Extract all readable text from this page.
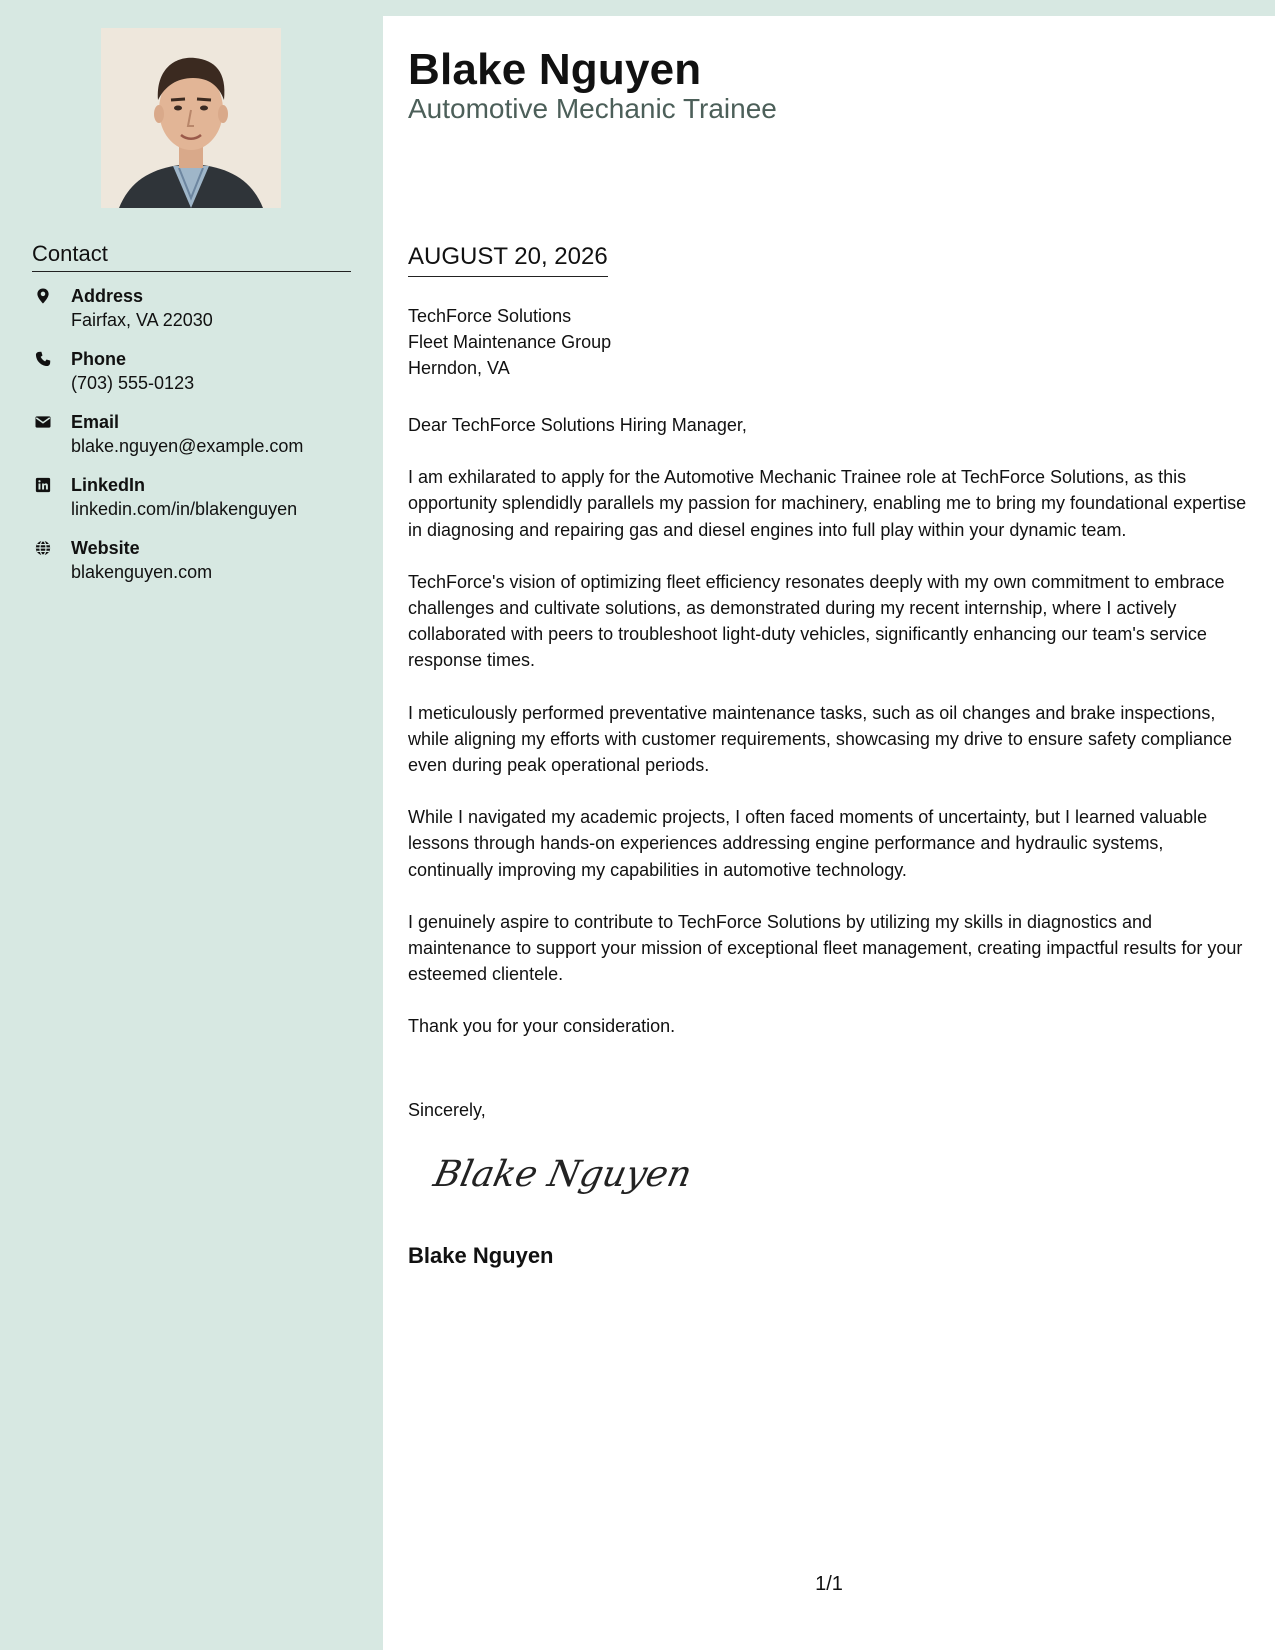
Contact
Address
Fairfax, VA 22030
Phone
(703) 555-0123
Email
blake.nguyen@example.com
LinkedIn
linkedin.com/in/blakenguyen
Website
blakenguyen.com
Blake Nguyen
Automotive Mechanic Trainee
AUGUST 20, 2026
TechForce Solutions
Fleet Maintenance Group
Herndon, VA

Dear TechForce Solutions Hiring Manager,

I am exhilarated to apply for the Automotive Mechanic Trainee role at TechForce Solutions, as this opportunity splendidly parallels my passion for machinery, enabling me to bring my foundational expertise in diagnosing and repairing gas and diesel engines into full play within your dynamic team.

TechForce's vision of optimizing fleet efficiency resonates deeply with my own commitment to embrace challenges and cultivate solutions, as demonstrated during my recent internship, where I actively collaborated with peers to troubleshoot light-duty vehicles, significantly enhancing our team's service response times.

I meticulously performed preventative maintenance tasks, such as oil changes and brake inspections, while aligning my efforts with customer requirements, showcasing my drive to ensure safety compliance even during peak operational periods.

While I navigated my academic projects, I often faced moments of uncertainty, but I learned valuable lessons through hands-on experiences addressing engine performance and hydraulic systems, continually improving my capabilities in automotive technology.

I genuinely aspire to contribute to TechForce Solutions by utilizing my skills in diagnostics and maintenance to support your mission of exceptional fleet management, creating impactful results for your esteemed clientele.

Thank you for your consideration.

Sincerely,
Blake Nguyen
Blake Nguyen
1/1
